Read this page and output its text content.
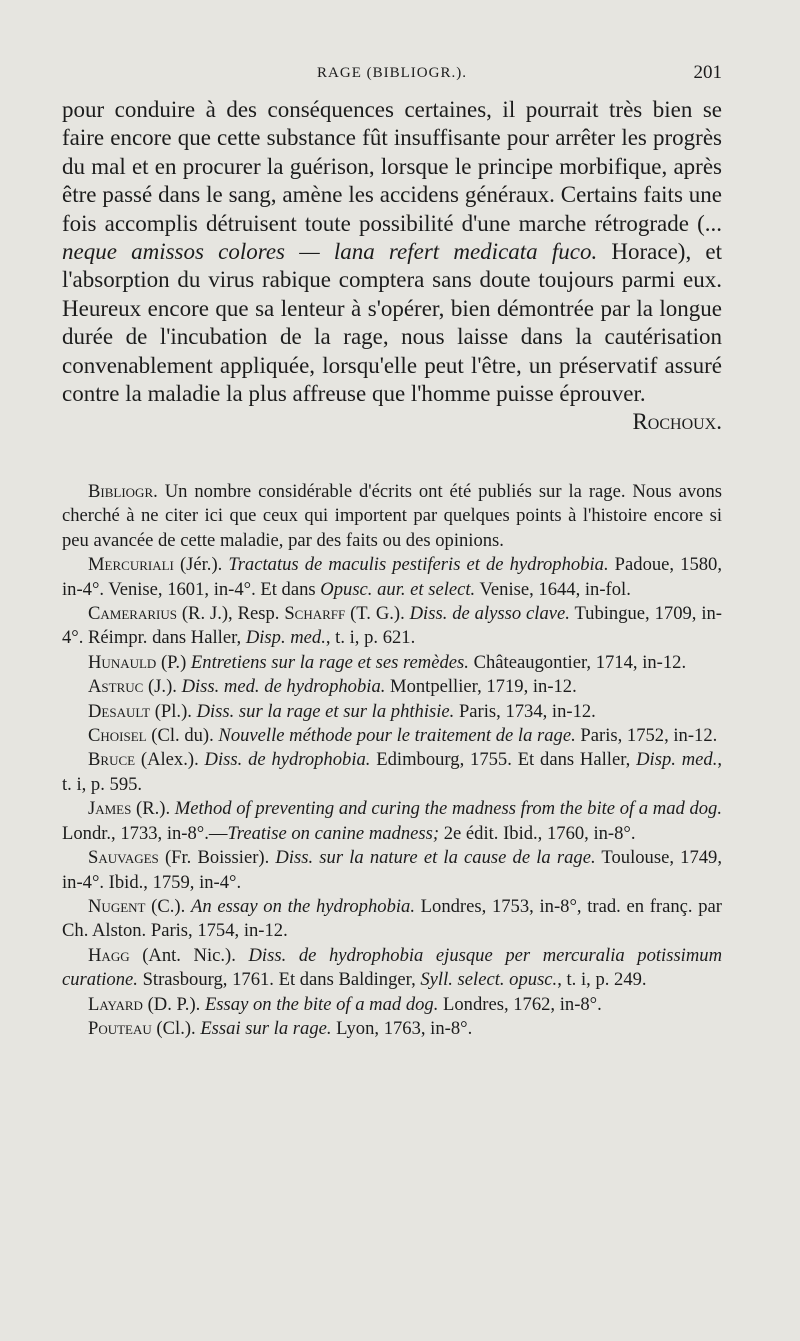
RAGE (BIBLIOGR.).	201

pour conduire à des conséquences certaines, il pourrait très bien se faire encore que cette substance fût insuffisante pour arrêter les progrès du mal et en procurer la guérison, lorsque le principe morbifique, après être passé dans le sang, amène les accidens généraux. Certains faits une fois accomplis détruisent toute possibilité d'une marche rétrograde (... neque amissos colores — lana refert medicata fuco. Horace), et l'absorption du virus rabique comptera sans doute toujours parmi eux. Heureux encore que sa lenteur à s'opérer, bien démontrée par la longue durée de l'incubation de la rage, nous laisse dans la cautérisation convenablement appliquée, lorsqu'elle peut l'être, un préservatif assuré contre la maladie la plus affreuse que l'homme puisse éprouver.
Rochoux.

Bibliogr. Un nombre considérable d'écrits ont été publiés sur la rage. Nous avons cherché à ne citer ici que ceux qui importent par quelques points à l'histoire encore si peu avancée de cette maladie, par des faits ou des opinions.

Mercuriali (Jér.). Tractatus de maculis pestiferis et de hydrophobia. Padoue, 1580, in-4°. Venise, 1601, in-4°. Et dans Opusc. aur. et select. Venise, 1644, in-fol.

Camerarius (R. J.), Resp. Scharff (T. G.). Diss. de alysso clave. Tubingue, 1709, in-4°. Réimpr. dans Haller, Disp. med., t. i, p. 621.

Hunauld (P.) Entretiens sur la rage et ses remèdes. Châteaugontier, 1714, in-12.

Astruc (J.). Diss. med. de hydrophobia. Montpellier, 1719, in-12.

Desault (Pl.). Diss. sur la rage et sur la phthisie. Paris, 1734, in-12.

Choisel (Cl. du). Nouvelle méthode pour le traitement de la rage. Paris, 1752, in-12.

Bruce (Alex.). Diss. de hydrophobia. Edimbourg, 1755. Et dans Haller, Disp. med., t. i, p. 595.

James (R.). Method of preventing and curing the madness from the bite of a mad dog. Londr., 1733, in-8°.—Treatise on canine madness; 2e édit. Ibid., 1760, in-8°.

Sauvages (Fr. Boissier). Diss. sur la nature et la cause de la rage. Toulouse, 1749, in-4°. Ibid., 1759, in-4°.

Nugent (C.). An essay on the hydrophobia. Londres, 1753, in-8°, trad. en franç. par Ch. Alston. Paris, 1754, in-12.

Hagg (Ant. Nic.). Diss. de hydrophobia ejusque per mercuralia potissimum curatione. Strasbourg, 1761. Et dans Baldinger, Syll. select. opusc., t. i, p. 249.

Layard (D. P.). Essay on the bite of a mad dog. Londres, 1762, in-8°.

Pouteau (Cl.). Essai sur la rage. Lyon, 1763, in-8°.
